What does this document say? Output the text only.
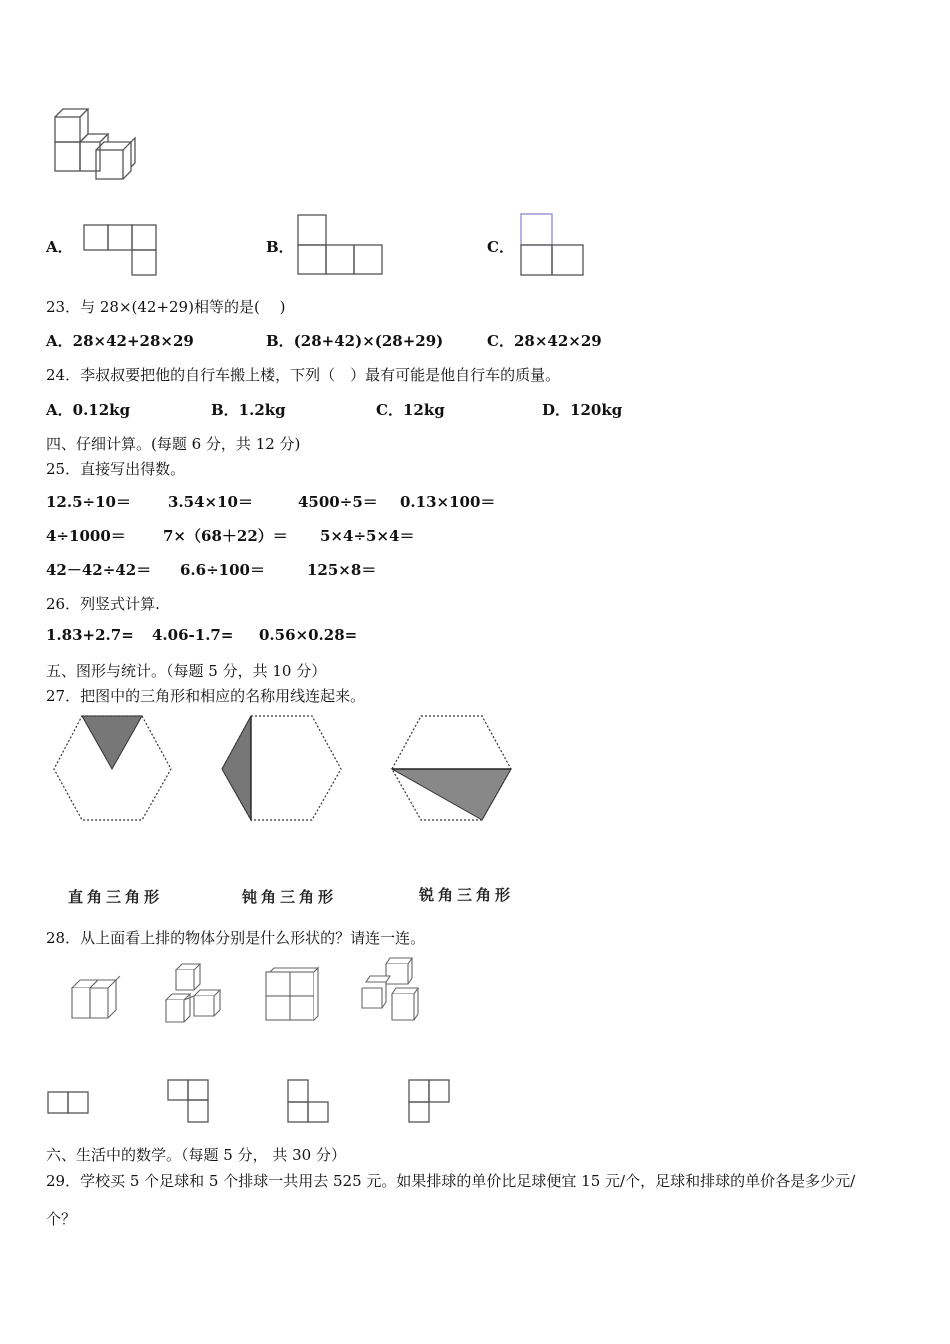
A．	B．	C．
23．与 28×(42+29)相等的是(　 )
A．28×42+28×29	B．(28+42)×(28+29)	C．28×42×29
24．李叔叔要把他的自行车搬上楼，下列（　）最有可能是他自行车的质量。
A．0.12kg	B．1.2kg	C．12kg	D．120kg
四、仔细计算。(每题 6 分，共 12 分)
25．直接写出得数。
12.5÷10＝ 3.54×10＝	4500÷5＝ 0.13×100＝
4÷1000＝ 7×（68＋22）＝ 5×4÷5×4＝
42－42÷42＝ 6.6÷100＝	125×8＝
26．列竖式计算.
1.83+2.7= 4.06-1.7= 0.56×0.28=
五、图形与统计。（每题 5 分，共 10 分）
27．把图中的三角形和相应的名称用线连起来。
直角三角形	钝角三角形	锐角三角形
28．从上面看上排的物体分别是什么形状的？请连一连。
六、生活中的数学。（每题 5 分， 共 30 分）
29．学校买 5 个足球和 5 个排球一共用去 525 元。如果排球的单价比足球便宜 15 元/个，足球和排球的单价各是多少元/
个？
